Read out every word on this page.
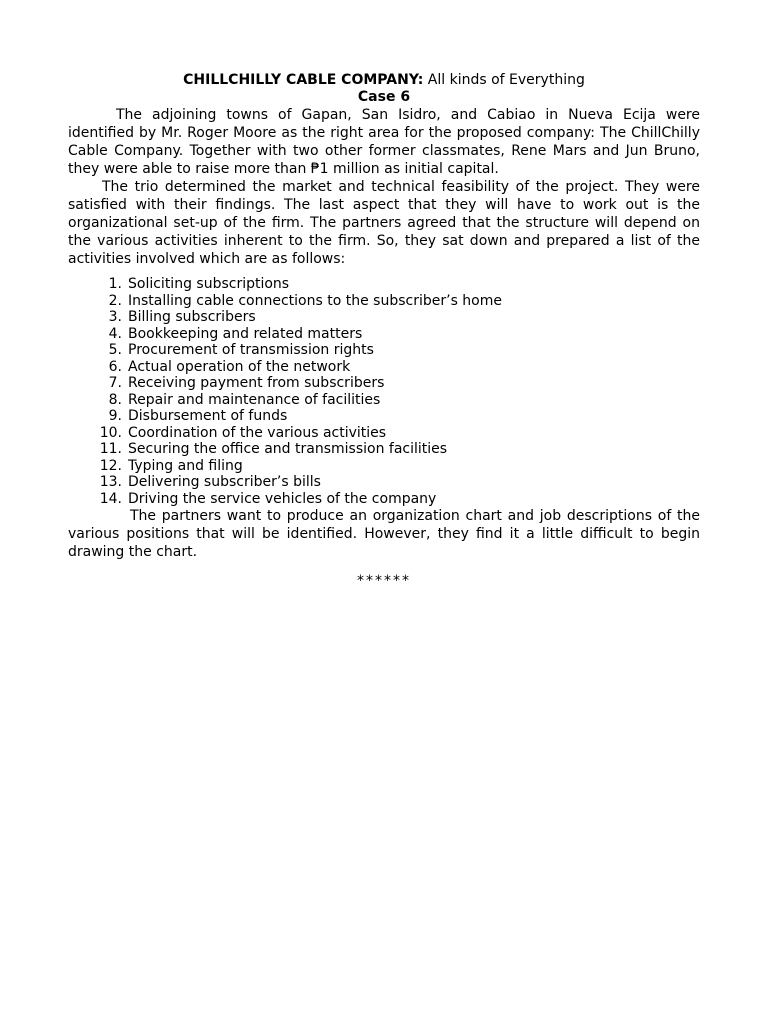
CHILLCHILLY CABLE COMPANY: All kinds of Everything
Case 6

The adjoining towns of Gapan, San Isidro, and Cabiao in Nueva Ecija were identified by Mr. Roger Moore as the right area for the proposed company: The ChillChilly Cable Company. Together with two other former classmates, Rene Mars and Jun Bruno, they were able to raise more than ₱1 million as initial capital.

The trio determined the market and technical feasibility of the project. They were satisfied with their findings. The last aspect that they will have to work out is the organizational set-up of the firm. The partners agreed that the structure will depend on the various activities inherent to the firm. So, they sat down and prepared a list of the activities involved which are as follows:

1. Soliciting subscriptions
2. Installing cable connections to the subscriber’s home
3. Billing subscribers
4. Bookkeeping and related matters
5. Procurement of transmission rights
6. Actual operation of the network
7. Receiving payment from subscribers
8. Repair and maintenance of facilities
9. Disbursement of funds
10. Coordination of the various activities
11. Securing the office and transmission facilities
12. Typing and filing
13. Delivering subscriber’s bills
14. Driving the service vehicles of the company

The partners want to produce an organization chart and job descriptions of the various positions that will be identified. However, they find it a little difficult to begin drawing the chart.

******
